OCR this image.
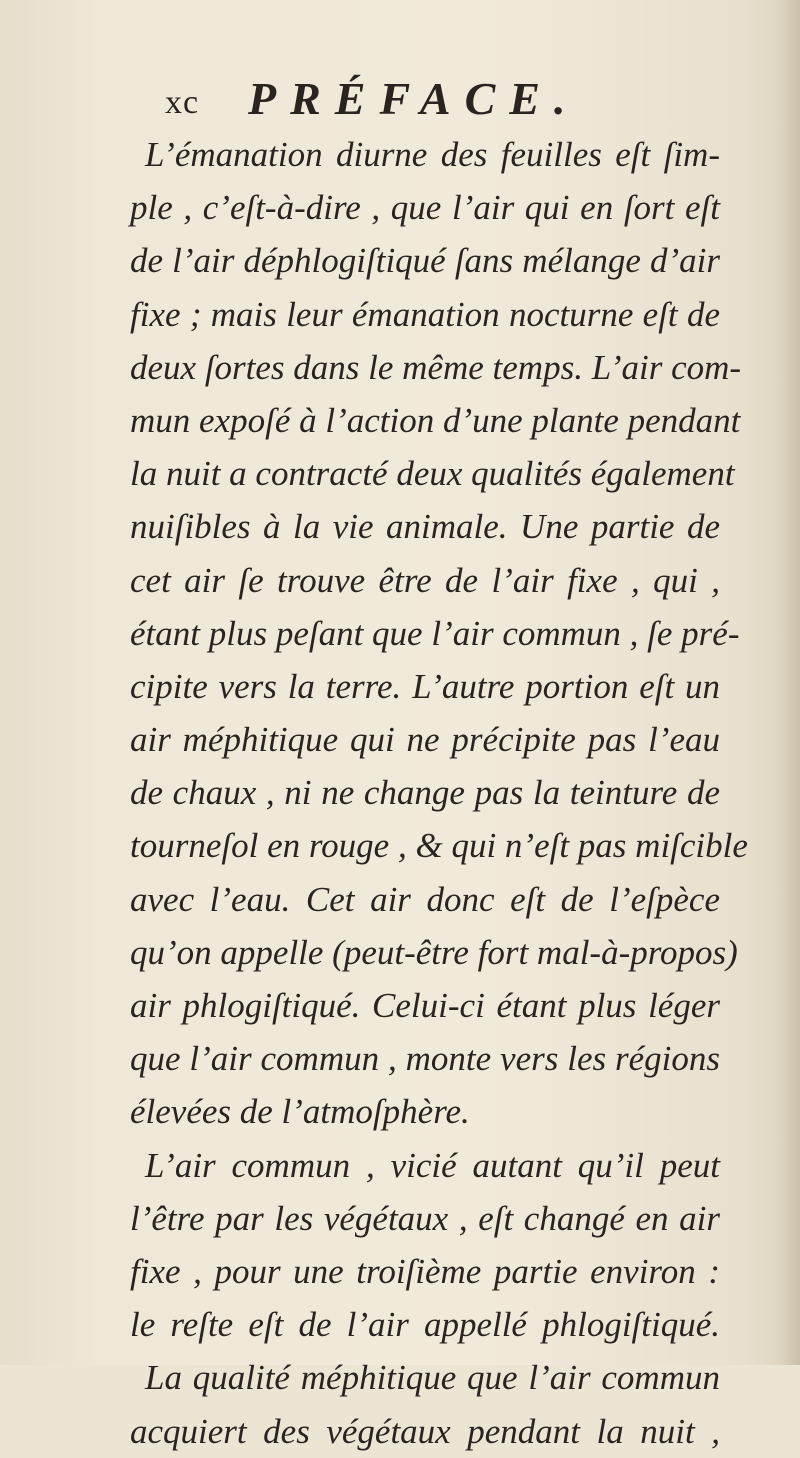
xc PRÉFACE.
L’émanation diurne des feuilles eſt ſim-
ple , c’eſt-à-dire , que l’air qui en ſort eſt
de l’air déphlogiſtiqué ſans mélange d’air
fixe ; mais leur émanation nocturne eſt de
deux ſortes dans le même temps. L’air com-
mun expoſé à l’action d’une plante pendant
la nuit a contracté deux qualités également
nuiſibles à la vie animale. Une partie de
cet air ſe trouve être de l’air fixe , qui ,
étant plus peſant que l’air commun , ſe pré-
cipite vers la terre. L’autre portion eſt un
air méphitique qui ne précipite pas l’eau
de chaux , ni ne change pas la teinture de
tourneſol en rouge , & qui n’eſt pas miſcible
avec l’eau. Cet air donc eſt de l’eſpèce
qu’on appelle (peut-être fort mal-à-propos)
air phlogiſtiqué. Celui-ci étant plus léger
que l’air commun , monte vers les régions
élevées de l’atmoſphère.
L’air commun , vicié autant qu’il peut
l’être par les végétaux , eſt changé en air
fixe , pour une troiſième partie environ :
le reſte eſt de l’air appellé phlogiſtiqué.
La qualité méphitique que l’air commun
acquiert des végétaux pendant la nuit ,
